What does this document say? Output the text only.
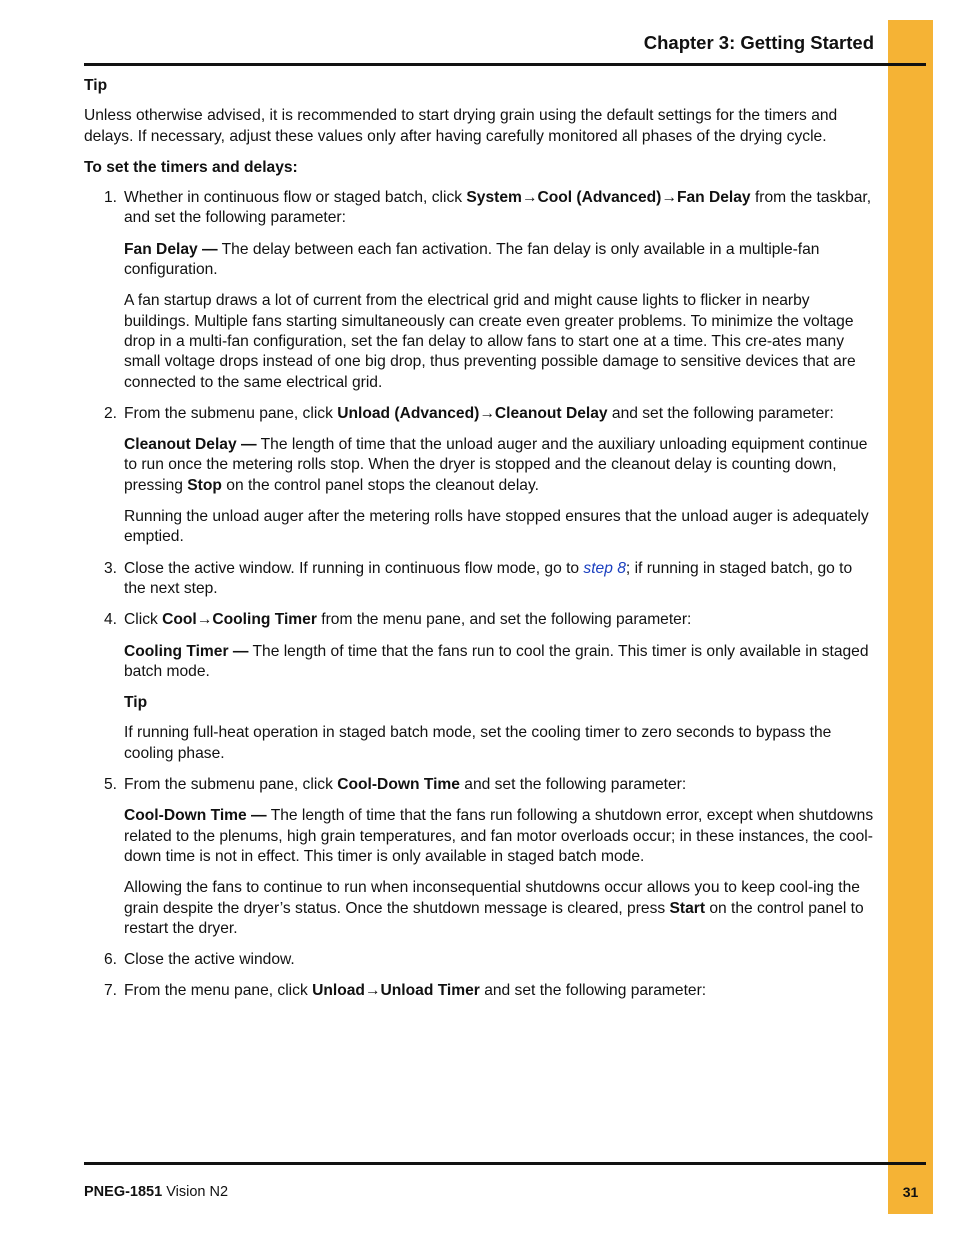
Chapter 3: Getting Started

Tip

Unless otherwise advised, it is recommended to start drying grain using the default settings for the timers and delays. If necessary, adjust these values only after having carefully monitored all phases of the drying cycle.

To set the timers and delays:

1. Whether in continuous flow or staged batch, click System→Cool (Advanced)→Fan Delay from the taskbar, and set the following parameter:

Fan Delay — The delay between each fan activation. The fan delay is only available in a multiple-fan configuration.

A fan startup draws a lot of current from the electrical grid and might cause lights to flicker in nearby buildings. Multiple fans starting simultaneously can create even greater problems. To minimize the voltage drop in a multi-fan configuration, set the fan delay to allow fans to start one at a time. This cre-ates many small voltage drops instead of one big drop, thus preventing possible damage to sensitive devices that are connected to the same electrical grid.

2. From the submenu pane, click Unload (Advanced)→Cleanout Delay and set the following parameter:

Cleanout Delay — The length of time that the unload auger and the auxiliary unloading equipment continue to run once the metering rolls stop. When the dryer is stopped and the cleanout delay is counting down, pressing Stop on the control panel stops the cleanout delay.

Running the unload auger after the metering rolls have stopped ensures that the unload auger is adequately emptied.

3. Close the active window. If running in continuous flow mode, go to step 8; if running in staged batch, go to the next step.

4. Click Cool→Cooling Timer from the menu pane, and set the following parameter:

Cooling Timer — The length of time that the fans run to cool the grain. This timer is only available in staged batch mode.

Tip

If running full-heat operation in staged batch mode, set the cooling timer to zero seconds to bypass the cooling phase.

5. From the submenu pane, click Cool-Down Time and set the following parameter:

Cool-Down Time — The length of time that the fans run following a shutdown error, except when shutdowns related to the plenums, high grain temperatures, and fan motor overloads occur; in these instances, the cool-down time is not in effect. This timer is only available in staged batch mode.

Allowing the fans to continue to run when inconsequential shutdowns occur allows you to keep cool-ing the grain despite the dryer’s status. Once the shutdown message is cleared, press Start on the control panel to restart the dryer.

6. Close the active window.

7. From the menu pane, click Unload→Unload Timer and set the following parameter:

PNEG-1851 Vision N2	31
